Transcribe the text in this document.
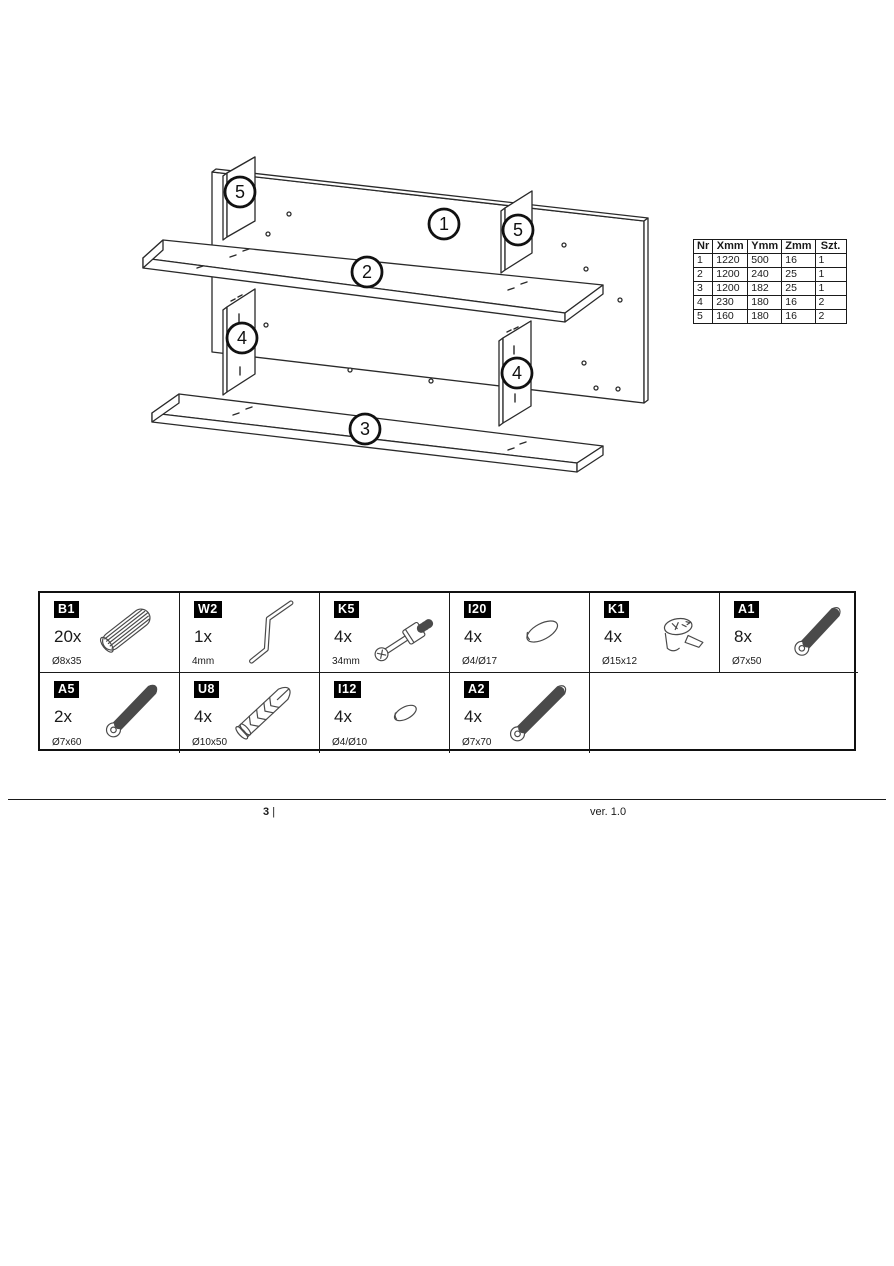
1
2
3
4
4
5
5
Nr	Xmm	Ymm	Zmm	Szt.
1	1220	500	16	1
2	1200	240	25	1
3	1200	182	25	1
4	230	180	16	2
5	160	180	16	2
B1
20x
Ø8x35
W2
1x
4mm
K5
4x
34mm
I20
4x
Ø4/Ø17
K1
4x
Ø15x12
A1
8x
Ø7x50
A5
2x
Ø7x60
U8
4x
Ø10x50
I12
4x
Ø4/Ø10
A2
4x
Ø7x70
3 |	ver. 1.0
